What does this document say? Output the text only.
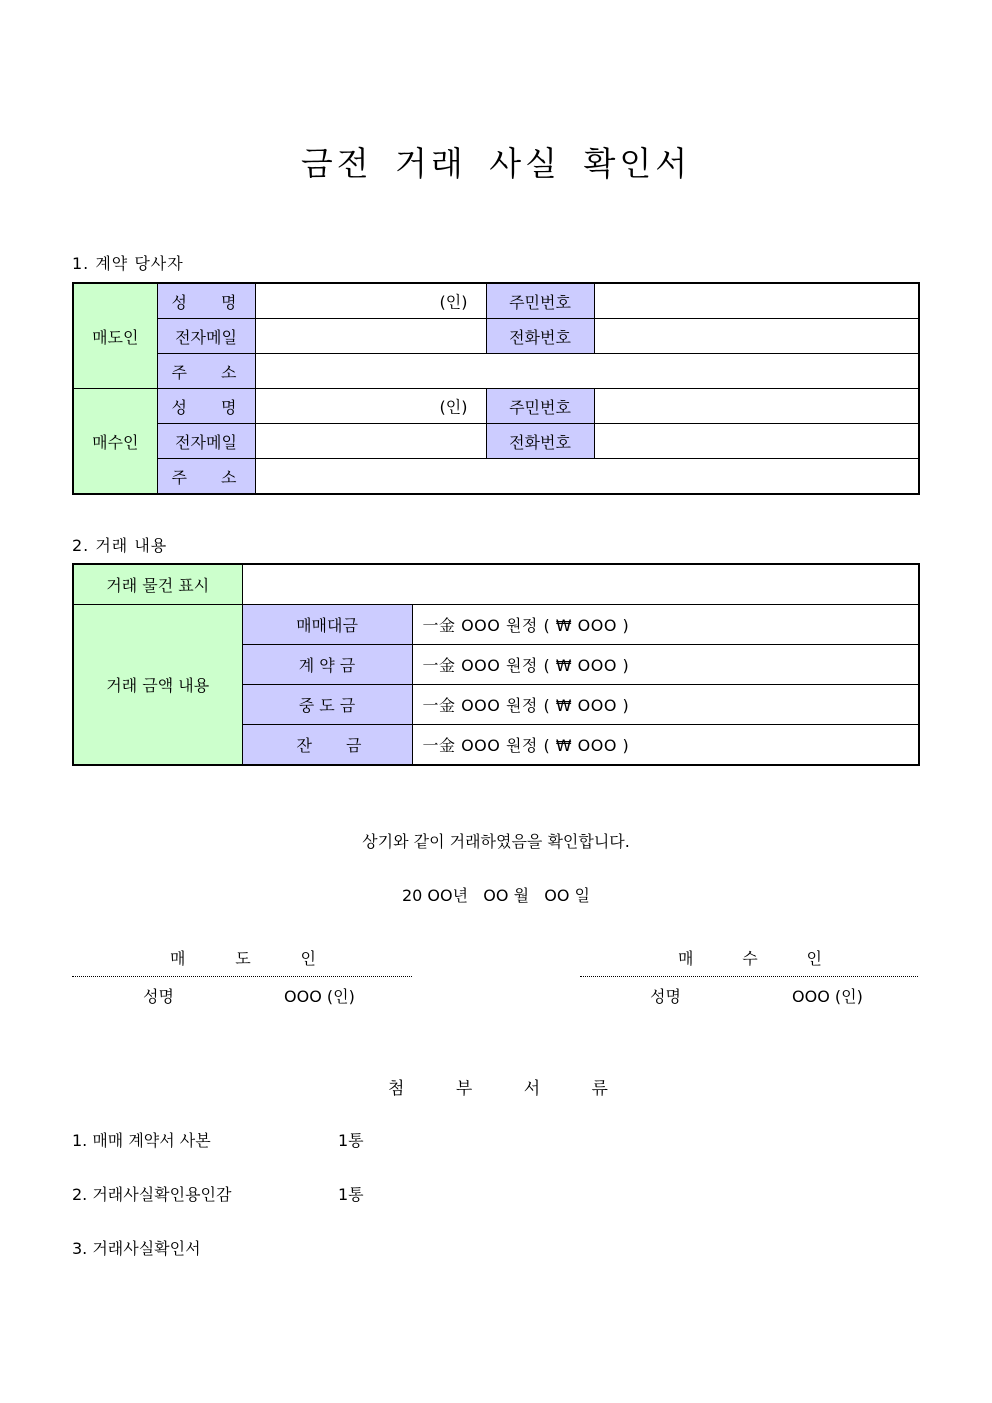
금전 거래 사실 확인서
1. 계약 당사자
매도인	성 명	(인)	주민번호	
	전자메일		전화번호	

	주 소			

매수인	성 명	(인)	주민번호	
	전자메일		전화번호	

	주 소			

2. 거래 내용
거래 물건 표시		
거래 금액 내용	매매대금	一金 OOO 원정 ( ₩ OOO )
	계 약 금	一金 OOO 원정 ( ₩ OOO )
	중 도 금	一金 OOO 원정 ( ₩ OOO )

	잔 금	一金 OOO 원정 ( ₩ OOO )
상기와 같이 거래하였음을 확인합니다.
20 OO년   OO 월   OO 일
매	도	인
성명	OOO (인)
매	수	인
성명	OOO (인)
첨	부	서	류
1. 매매 계약서 사본	1통
2. 거래사실확인용인감	1통
3. 거래사실확인서
